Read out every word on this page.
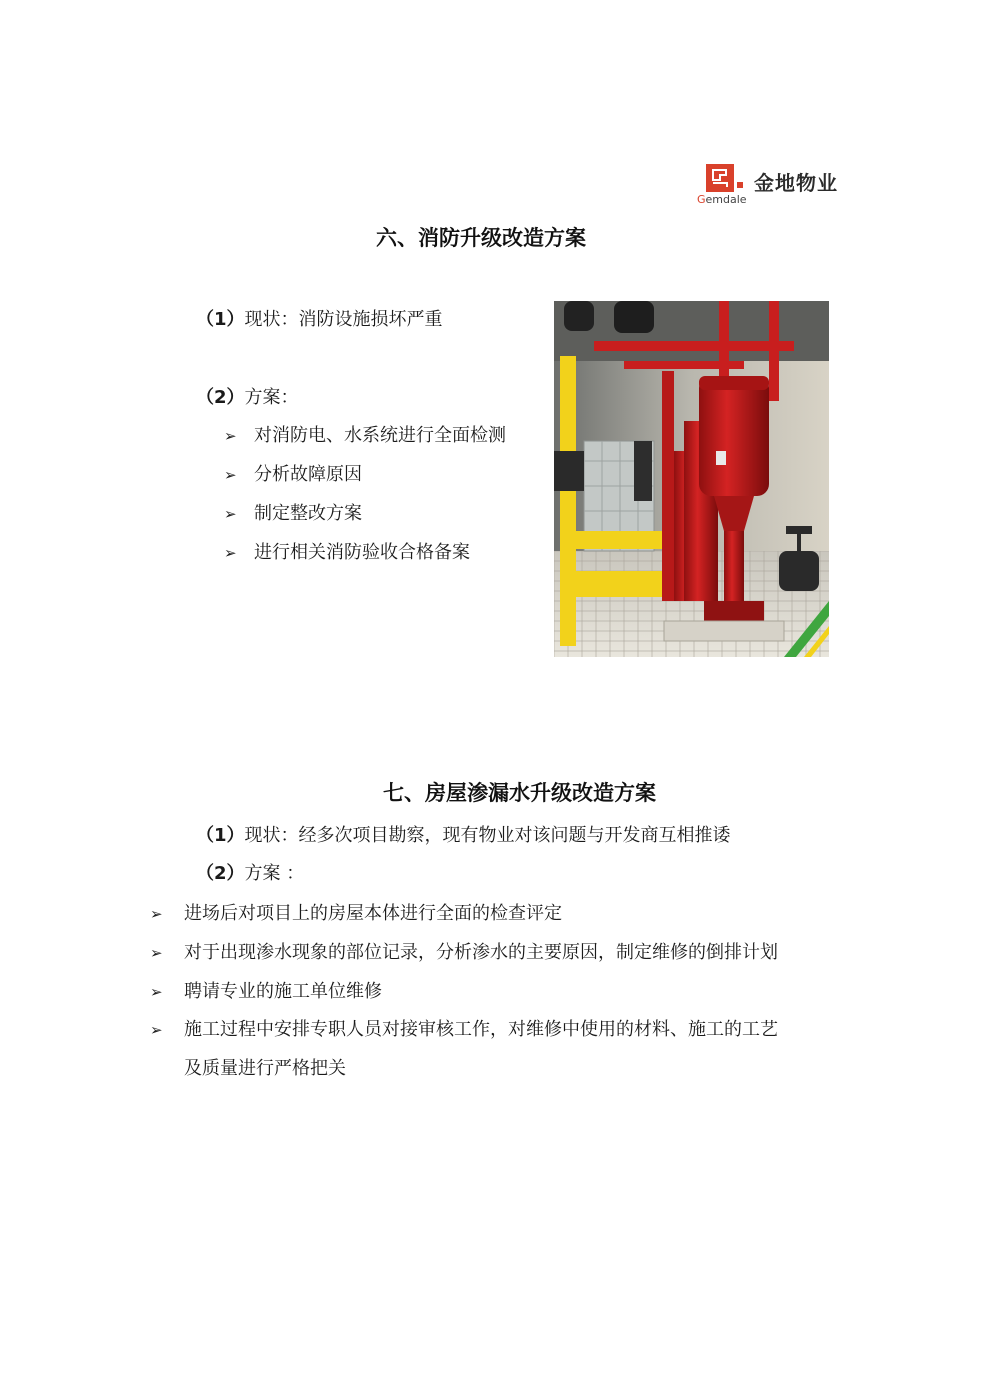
金地物业
Gemdale
六、消防升级改造方案
（1）现状：消防设施损坏严重
（2）方案：
➢ 对消防电、水系统进行全面检测
➢ 分析故障原因
➢ 制定整改方案
➢ 进行相关消防验收合格备案
七、房屋渗漏水升级改造方案
（1）现状：经多次项目勘察，现有物业对该问题与开发商互相推诿
（2）方案 ：
➢ 进场后对项目上的房屋本体进行全面的检查评定
➢ 对于出现渗水现象的部位记录，分析渗水的主要原因，制定维修的倒排计划
➢ 聘请专业的施工单位维修
➢ 施工过程中安排专职人员对接审核工作，对维修中使用的材料、施工的工艺
及质量进行严格把关
